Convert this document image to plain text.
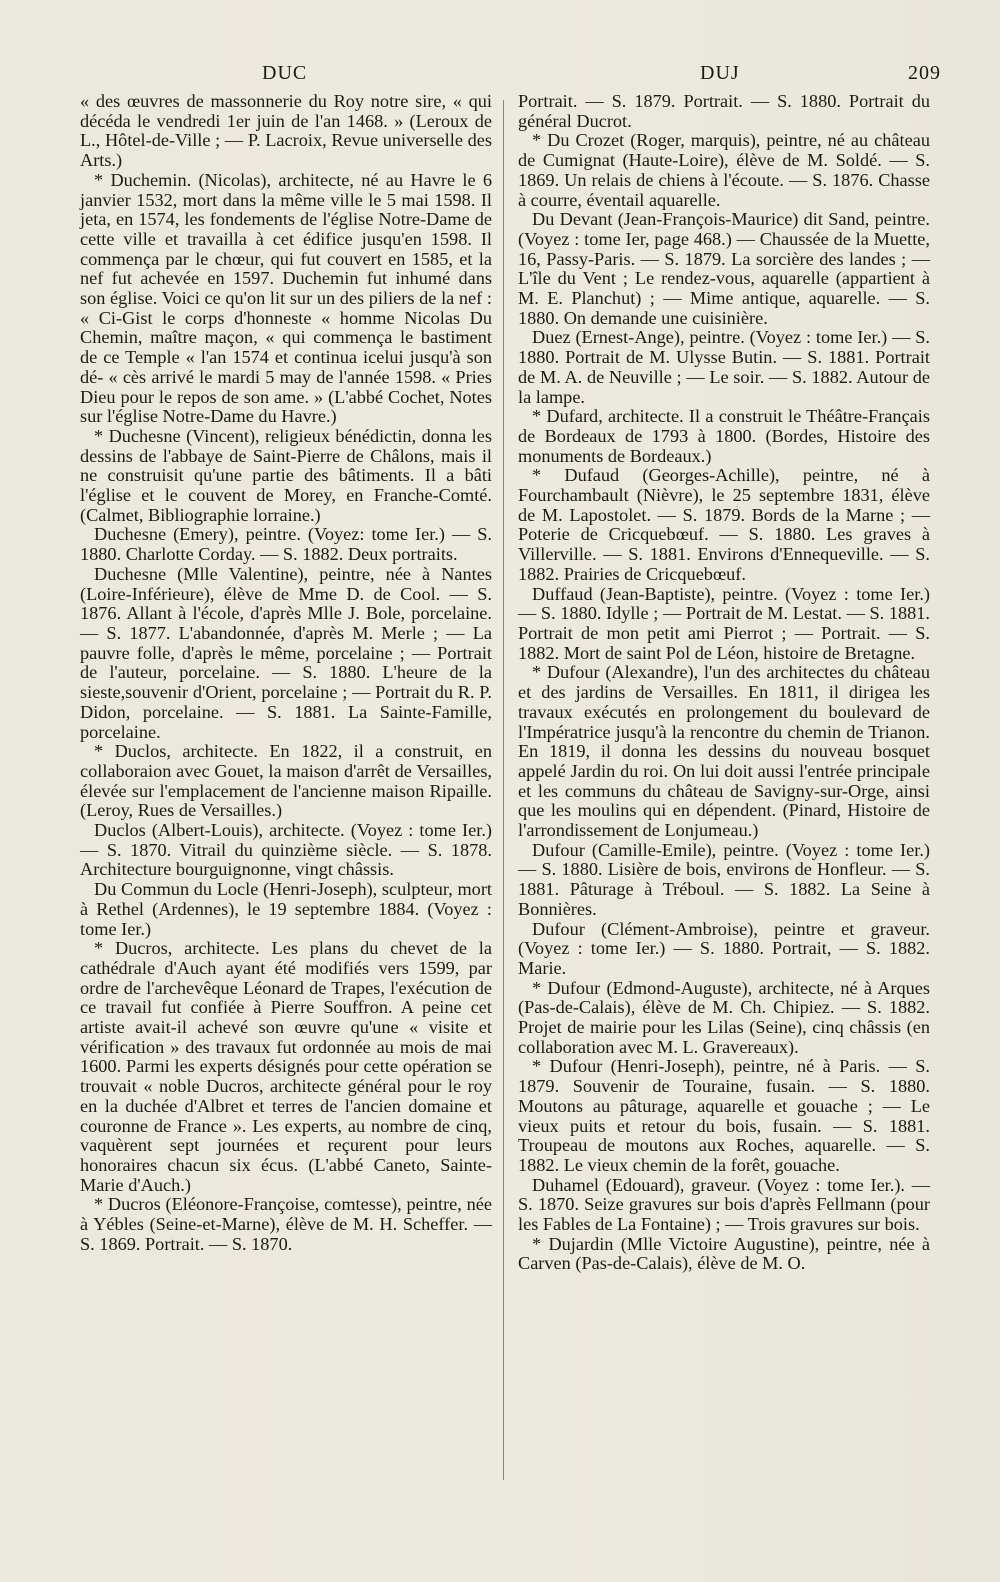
DUC	DUJ	209

« des œuvres de massonnerie du Roy notre sire, « qui décéda le vendredi 1er juin de l'an 1468. » (Leroux de L., Hôtel-de-Ville ; — P. Lacroix, Revue universelle des Arts.)

* Duchemin. (Nicolas), architecte, né au Havre le 6 janvier 1532, mort dans la même ville le 5 mai 1598. Il jeta, en 1574, les fondements de l'église Notre-Dame de cette ville et travailla à cet édifice jusqu'en 1598. Il commença par le chœur, qui fut couvert en 1585, et la nef fut achevée en 1597. Duchemin fut inhumé dans son église. Voici ce qu'on lit sur un des piliers de la nef : « Ci-Gist le corps d'honneste « homme Nicolas Du Chemin, maître maçon, « qui commença le bastiment de ce Temple « l'an 1574 et continua icelui jusqu'à son dé- « cès arrivé le mardi 5 may de l'année 1598. « Pries Dieu pour le repos de son ame. » (L'abbé Cochet, Notes sur l'église Notre-Dame du Havre.)

* Duchesne (Vincent), religieux bénédictin, donna les dessins de l'abbaye de Saint-Pierre de Châlons, mais il ne construisit qu'une partie des bâtiments. Il a bâti l'église et le couvent de Morey, en Franche-Comté. (Calmet, Bibliographie lorraine.)

Duchesne (Emery), peintre. (Voyez: tome Ier.) — S. 1880. Charlotte Corday. — S. 1882. Deux portraits.

Duchesne (Mlle Valentine), peintre, née à Nantes (Loire-Inférieure), élève de Mme D. de Cool. — S. 1876. Allant à l'école, d'après Mlle J. Bole, porcelaine. — S. 1877. L'abandonnée, d'après M. Merle ; — La pauvre folle, d'après le même, porcelaine ; — Portrait de l'auteur, porcelaine. — S. 1880. L'heure de la sieste,souvenir d'Orient, porcelaine ; — Portrait du R. P. Didon, porcelaine. — S. 1881. La Sainte-Famille, porcelaine.

* Duclos, architecte. En 1822, il a construit, en collaboraion avec Gouet, la maison d'arrêt de Versailles, élevée sur l'emplacement de l'ancienne maison Ripaille. (Leroy, Rues de Versailles.)

Duclos (Albert-Louis), architecte. (Voyez : tome Ier.) — S. 1870. Vitrail du quinzième siècle. — S. 1878. Architecture bourguignonne, vingt châssis.

Du Commun du Locle (Henri-Joseph), sculpteur, mort à Rethel (Ardennes), le 19 septembre 1884. (Voyez : tome Ier.)

* Ducros, architecte. Les plans du chevet de la cathédrale d'Auch ayant été modifiés vers 1599, par ordre de l'archevêque Léonard de Trapes, l'exécution de ce travail fut confiée à Pierre Souffron. A peine cet artiste avait-il achevé son œuvre qu'une « visite et vérification » des travaux fut ordonnée au mois de mai 1600. Parmi les experts désignés pour cette opération se trouvait « noble Ducros, architecte général pour le roy en la duchée d'Albret et terres de l'ancien domaine et couronne de France ». Les experts, au nombre de cinq, vaquèrent sept journées et reçurent pour leurs honoraires chacun six écus. (L'abbé Caneto, Sainte-Marie d'Auch.)

* Ducros (Eléonore-Françoise, comtesse), peintre, née à Yébles (Seine-et-Marne), élève de M. H. Scheffer. — S. 1869. Portrait. — S. 1870.

Portrait. — S. 1879. Portrait. — S. 1880. Portrait du général Ducrot.

* Du Crozet (Roger, marquis), peintre, né au château de Cumignat (Haute-Loire), élève de M. Soldé. — S. 1869. Un relais de chiens à l'écoute. — S. 1876. Chasse à courre, éventail aquarelle.

Du Devant (Jean-François-Maurice) dit Sand, peintre. (Voyez : tome Ier, page 468.) — Chaussée de la Muette, 16, Passy-Paris. — S. 1879. La sorcière des landes ; — L'île du Vent ; Le rendez-vous, aquarelle (appartient à M. E. Planchut) ; — Mime antique, aquarelle. — S. 1880. On demande une cuisinière.

Duez (Ernest-Ange), peintre. (Voyez : tome Ier.) — S. 1880. Portrait de M. Ulysse Butin. — S. 1881. Portrait de M. A. de Neuville ; — Le soir. — S. 1882. Autour de la lampe.

* Dufard, architecte. Il a construit le Théâtre-Français de Bordeaux de 1793 à 1800. (Bordes, Histoire des monuments de Bordeaux.)

* Dufaud (Georges-Achille), peintre, né à Fourchambault (Nièvre), le 25 septembre 1831, élève de M. Lapostolet. — S. 1879. Bords de la Marne ; — Poterie de Cricquebœuf. — S. 1880. Les graves à Villerville. — S. 1881. Environs d'Ennequeville. — S. 1882. Prairies de Cricquebœuf.

Duffaud (Jean-Baptiste), peintre. (Voyez : tome Ier.) — S. 1880. Idylle ; — Portrait de M. Lestat. — S. 1881. Portrait de mon petit ami Pierrot ; — Portrait. — S. 1882. Mort de saint Pol de Léon, histoire de Bretagne.

* Dufour (Alexandre), l'un des architectes du château et des jardins de Versailles. En 1811, il dirigea les travaux exécutés en prolongement du boulevard de l'Impératrice jusqu'à la rencontre du chemin de Trianon. En 1819, il donna les dessins du nouveau bosquet appelé Jardin du roi. On lui doit aussi l'entrée principale et les communs du château de Savigny-sur-Orge, ainsi que les moulins qui en dépendent. (Pinard, Histoire de l'arrondissement de Lonjumeau.)

Dufour (Camille-Emile), peintre. (Voyez : tome Ier.) — S. 1880. Lisière de bois, environs de Honfleur. — S. 1881. Pâturage à Tréboul. — S. 1882. La Seine à Bonnières.

Dufour (Clément-Ambroise), peintre et graveur. (Voyez : tome Ier.) — S. 1880. Portrait, — S. 1882. Marie.

* Dufour (Edmond-Auguste), architecte, né à Arques (Pas-de-Calais), élève de M. Ch. Chipiez. — S. 1882. Projet de mairie pour les Lilas (Seine), cinq châssis (en collaboration avec M. L. Gravereaux).

* Dufour (Henri-Joseph), peintre, né à Paris. — S. 1879. Souvenir de Touraine, fusain. — S. 1880. Moutons au pâturage, aquarelle et gouache ; — Le vieux puits et retour du bois, fusain. — S. 1881. Troupeau de moutons aux Roches, aquarelle. — S. 1882. Le vieux chemin de la forêt, gouache.

Duhamel (Edouard), graveur. (Voyez : tome Ier.). — S. 1870. Seize gravures sur bois d'après Fellmann (pour les Fables de La Fontaine) ; — Trois gravures sur bois.

* Dujardin (Mlle Victoire Augustine), peintre, née à Carven (Pas-de-Calais), élève de M. O.
